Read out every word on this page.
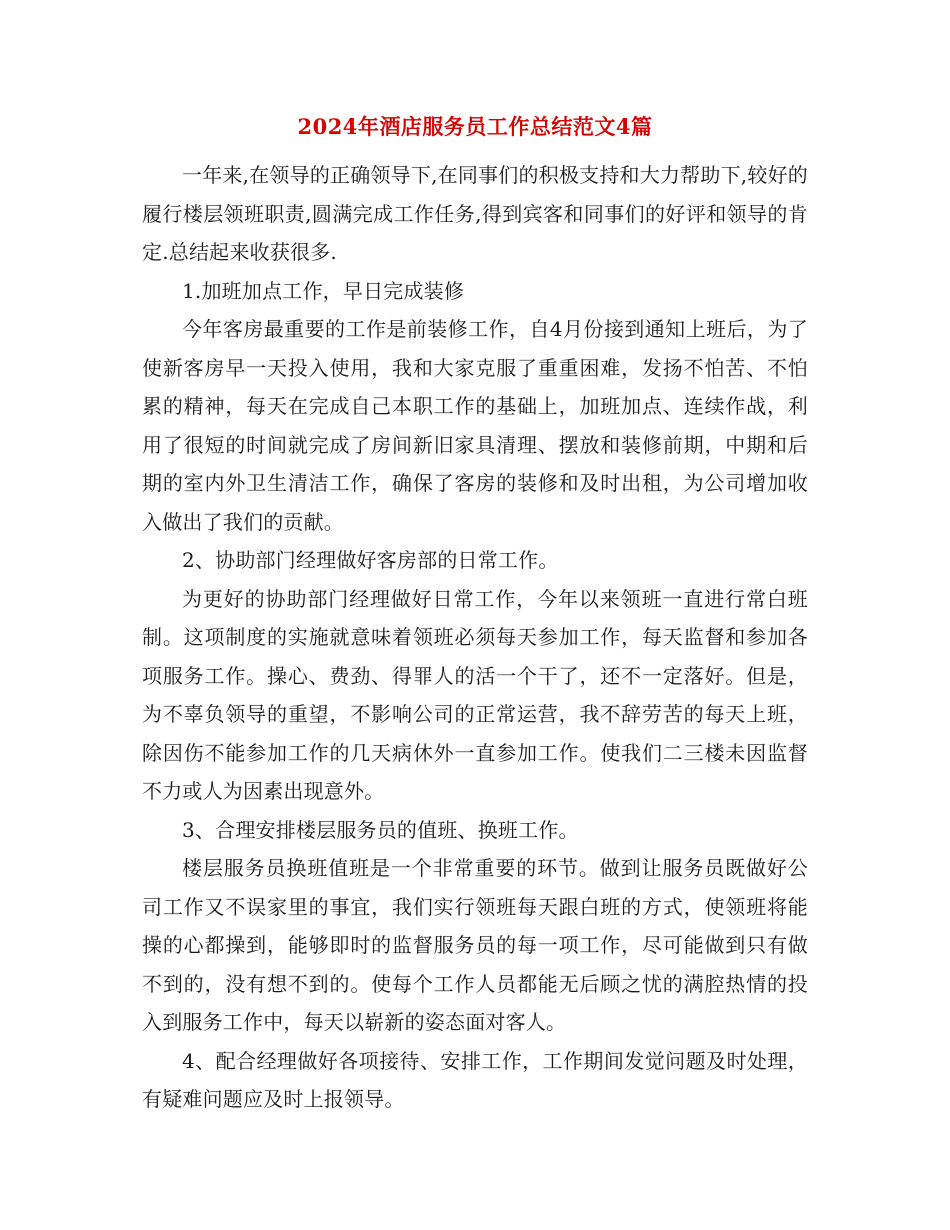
2024年酒店服务员工作总结范文4篇

一年来,在领导的正确领导下,在同事们的积极支持和大力帮助下,较好的履行楼层领班职责,圆满完成工作任务,得到宾客和同事们的好评和领导的肯定.总结起来收获很多.

1.加班加点工作，早日完成装修

今年客房最重要的工作是前装修工作，自4月份接到通知上班后，为了使新客房早一天投入使用，我和大家克服了重重困难，发扬不怕苦、不怕累的精神，每天在完成自己本职工作的基础上，加班加点、连续作战，利用了很短的时间就完成了房间新旧家具清理、摆放和装修前期，中期和后期的室内外卫生清洁工作，确保了客房的装修和及时出租，为公司增加收入做出了我们的贡献。

2、协助部门经理做好客房部的日常工作。

为更好的协助部门经理做好日常工作，今年以来领班一直进行常白班制。这项制度的实施就意味着领班必须每天参加工作，每天监督和参加各项服务工作。操心、费劲、得罪人的活一个干了，还不一定落好。但是，为不辜负领导的重望，不影响公司的正常运营，我不辞劳苦的每天上班，除因伤不能参加工作的几天病休外一直参加工作。使我们二三楼未因监督不力或人为因素出现意外。

3、合理安排楼层服务员的值班、换班工作。

楼层服务员换班值班是一个非常重要的环节。做到让服务员既做好公司工作又不误家里的事宜，我们实行领班每天跟白班的方式，使领班将能操的心都操到，能够即时的监督服务员的每一项工作，尽可能做到只有做不到的，没有想不到的。使每个工作人员都能无后顾之忧的满腔热情的投入到服务工作中，每天以崭新的姿态面对客人。

4、配合经理做好各项接待、安排工作，工作期间发觉问题及时处理，有疑难问题应及时上报领导。
